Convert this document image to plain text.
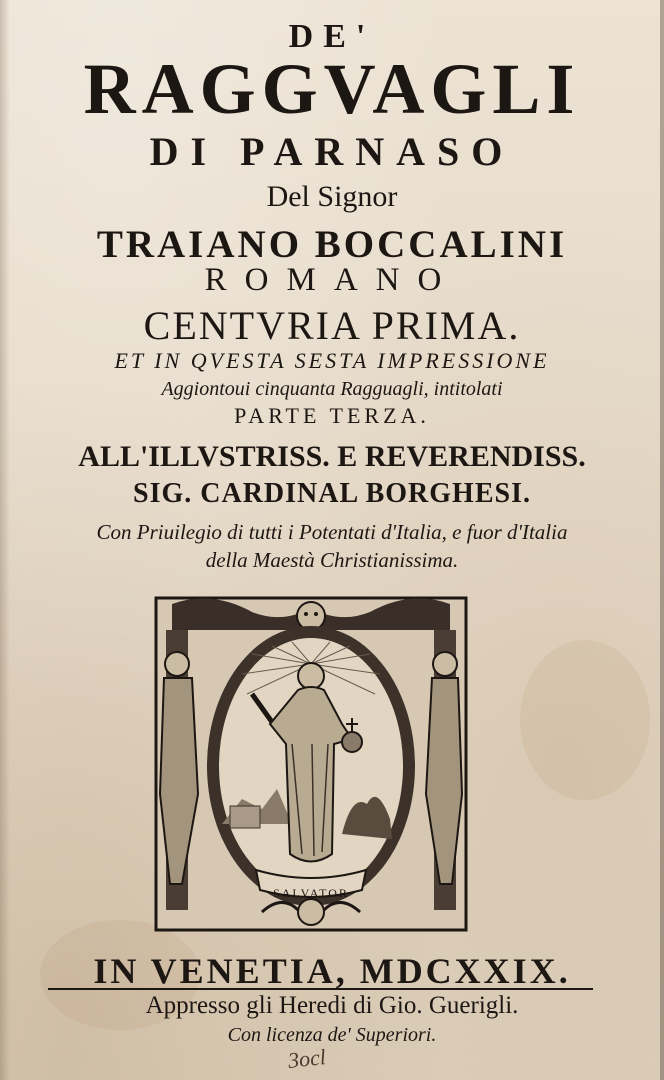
DE'
RAGGVAGLI
DI PARNASO
Del Signor
TRAIANO BOCCALINI
ROMANO
CENTVRIA PRIMA.
ET IN QVESTA SESTA IMPRESSIONE
Aggiontoui cinquanta Ragguagli, intitolati
PARTE TERZA.
ALL'ILLVSTRISS. E REVERENDISS.
SIG. CARDINAL BORGHESI.
Con Priuilegio di tutti i Potentati d'Italia, e fuor d'Italia
della Maestà Christianissima.
SALVATOR
IN VENETIA, MDCXXIX.
Appresso gli Heredi di Gio. Guerigli.
Con licenza de' Superiori.
3ocl
